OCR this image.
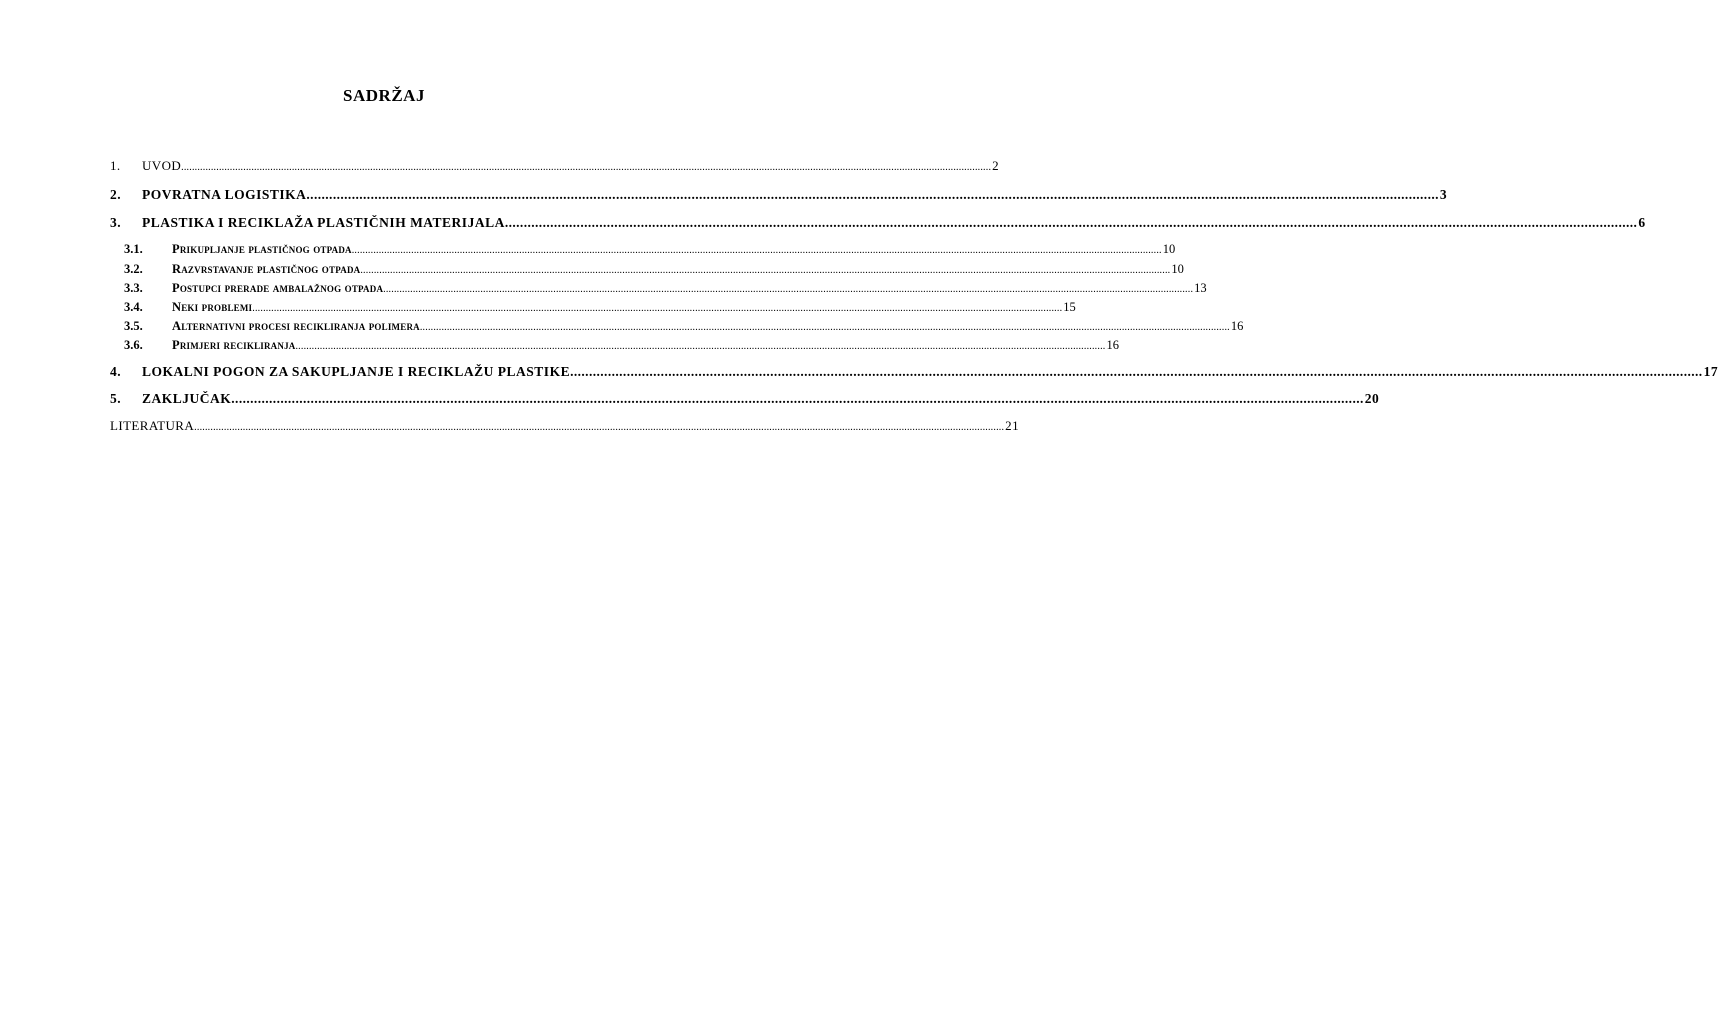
SADRŽAJ
1.	UVOD ............................................................................................................................................................................................................................................................................................................ 2
2.	POVRATNA LOGISTIKA ............................................................................................................................................................................................................................................................................................................ 3
3.	PLASTIKA I RECIKLAŽA PLASTIČNIH MATERIJALA ............................................................................................................................................................................................................................................................................................................ 6
3.1.	Prikupljanje plastičnog otpada ............................................................................................................................................................................................................................................................................................................ 10
3.2.	Razvrstavanje plastičnog otpada ............................................................................................................................................................................................................................................................................................................ 10
3.3.	Postupci prerade ambalažnog otpada ............................................................................................................................................................................................................................................................................................................ 13
3.4.	Neki problemi ............................................................................................................................................................................................................................................................................................................ 15
3.5.	Alternativni procesi recikliranja polimera ............................................................................................................................................................................................................................................................................................................ 16
3.6.	Primjeri recikliranja ............................................................................................................................................................................................................................................................................................................ 16
4.	LOKALNI POGON ZA SAKUPLJANJE I RECIKLAŽU PLASTIKE ............................................................................................................................................................................................................................................................................................................ 17
5.	ZAKLJUČAK ............................................................................................................................................................................................................................................................................................................ 20
LITERATURA ............................................................................................................................................................................................................................................................................................................ 21
